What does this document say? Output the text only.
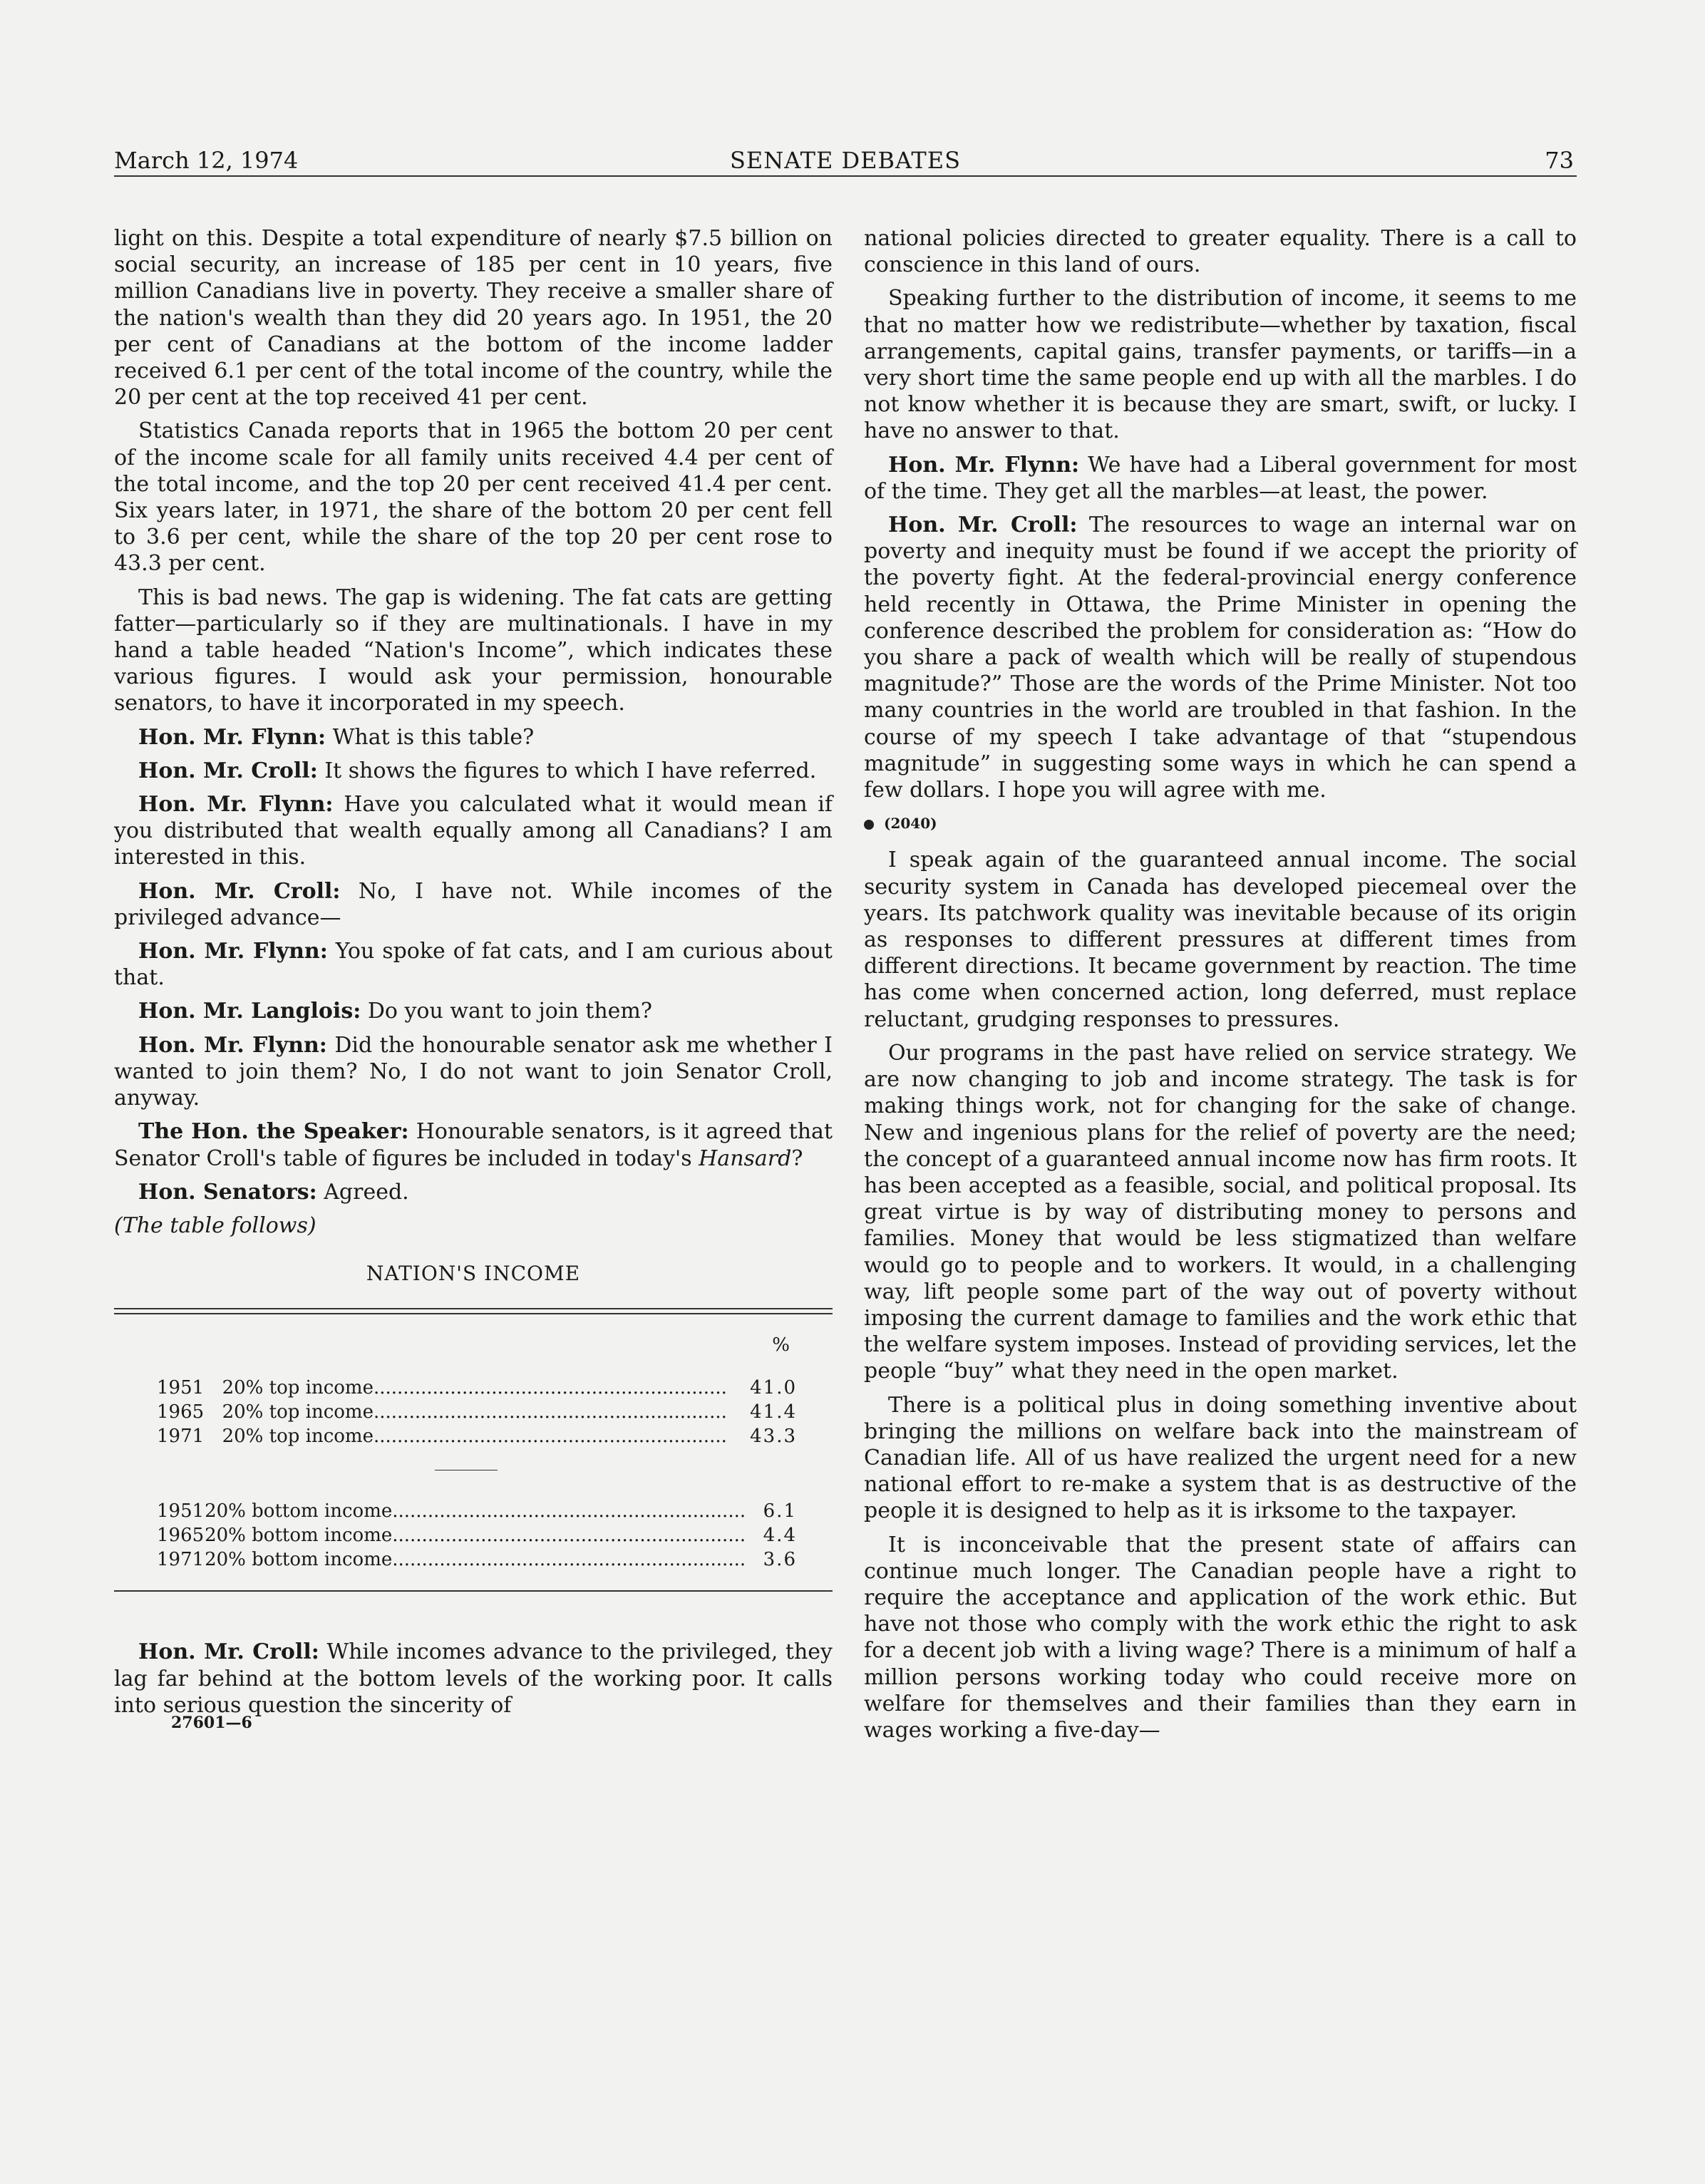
March 12, 1974	SENATE DEBATES	73

light on this. Despite a total expenditure of nearly $7.5 billion on social security, an increase of 185 per cent in 10 years, five million Canadians live in poverty. They receive a smaller share of the nation's wealth than they did 20 years ago. In 1951, the 20 per cent of Canadians at the bottom of the income ladder received 6.1 per cent of the total income of the country, while the 20 per cent at the top received 41 per cent.

Statistics Canada reports that in 1965 the bottom 20 per cent of the income scale for all family units received 4.4 per cent of the total income, and the top 20 per cent received 41.4 per cent. Six years later, in 1971, the share of the bottom 20 per cent fell to 3.6 per cent, while the share of the top 20 per cent rose to 43.3 per cent.

This is bad news. The gap is widening. The fat cats are getting fatter—particularly so if they are multinationals. I have in my hand a table headed “Nation's Income”, which indicates these various figures. I would ask your permission, honourable senators, to have it incorporated in my speech.

Hon. Mr. Flynn: What is this table?

Hon. Mr. Croll: It shows the figures to which I have referred.

Hon. Mr. Flynn: Have you calculated what it would mean if you distributed that wealth equally among all Canadians? I am interested in this.

Hon. Mr. Croll: No, I have not. While incomes of the privileged advance—

Hon. Mr. Flynn: You spoke of fat cats, and I am curious about that.

Hon. Mr. Langlois: Do you want to join them?

Hon. Mr. Flynn: Did the honourable senator ask me whether I wanted to join them? No, I do not want to join Senator Croll, anyway.

The Hon. the Speaker: Honourable senators, is it agreed that Senator Croll's table of figures be included in today's Hansard?

Hon. Senators: Agreed.

(The table follows)

NATION'S INCOME
%
1951 20% top income............................................................	41.0
1965 20% top income............................................................	41.4
1971 20% top income............................................................	43.3
1951 20% bottom income............................................................ 6.1
1965 20% bottom income............................................................ 4.4
1971 20% bottom income............................................................ 3.6

Hon. Mr. Croll: While incomes advance to the privileged, they lag far behind at the bottom levels of the working poor. It calls into serious question the sincerity of

national policies directed to greater equality. There is a call to conscience in this land of ours.

Speaking further to the distribution of income, it seems to me that no matter how we redistribute—whether by taxation, fiscal arrangements, capital gains, transfer payments, or tariffs—in a very short time the same people end up with all the marbles. I do not know whether it is because they are smart, swift, or lucky. I have no answer to that.

Hon. Mr. Flynn: We have had a Liberal government for most of the time. They get all the marbles—at least, the power.

Hon. Mr. Croll: The resources to wage an internal war on poverty and inequity must be found if we accept the priority of the poverty fight. At the federal-provincial energy conference held recently in Ottawa, the Prime Minister in opening the conference described the problem for consideration as: “How do you share a pack of wealth which will be really of stupendous magnitude?” Those are the words of the Prime Minister. Not too many countries in the world are troubled in that fashion. In the course of my speech I take advantage of that “stupendous magnitude” in suggesting some ways in which he can spend a few dollars. I hope you will agree with me.

(2040)

I speak again of the guaranteed annual income. The social security system in Canada has developed piecemeal over the years. Its patchwork quality was inevitable because of its origin as responses to different pressures at different times from different directions. It became government by reaction. The time has come when concerned action, long deferred, must replace reluctant, grudging responses to pressures.

Our programs in the past have relied on service strategy. We are now changing to job and income strategy. The task is for making things work, not for changing for the sake of change. New and ingenious plans for the relief of poverty are the need; the concept of a guaranteed annual income now has firm roots. It has been accepted as a feasible, social, and political proposal. Its great virtue is by way of distributing money to persons and families. Money that would be less stigmatized than welfare would go to people and to workers. It would, in a challenging way, lift people some part of the way out of poverty without imposing the current damage to families and the work ethic that the welfare system imposes. Instead of providing services, let the people “buy” what they need in the open market.

There is a political plus in doing something inventive about bringing the millions on welfare back into the mainstream of Canadian life. All of us have realized the urgent need for a new national effort to re-make a system that is as destructive of the people it is designed to help as it is irksome to the taxpayer.

It is inconceivable that the present state of affairs can continue much longer. The Canadian people have a right to require the acceptance and application of the work ethic. But have not those who comply with the work ethic the right to ask for a decent job with a living wage? There is a minimum of half a million persons working today who could receive more on welfare for themselves and their families than they earn in wages working a five-day—

27601—6
